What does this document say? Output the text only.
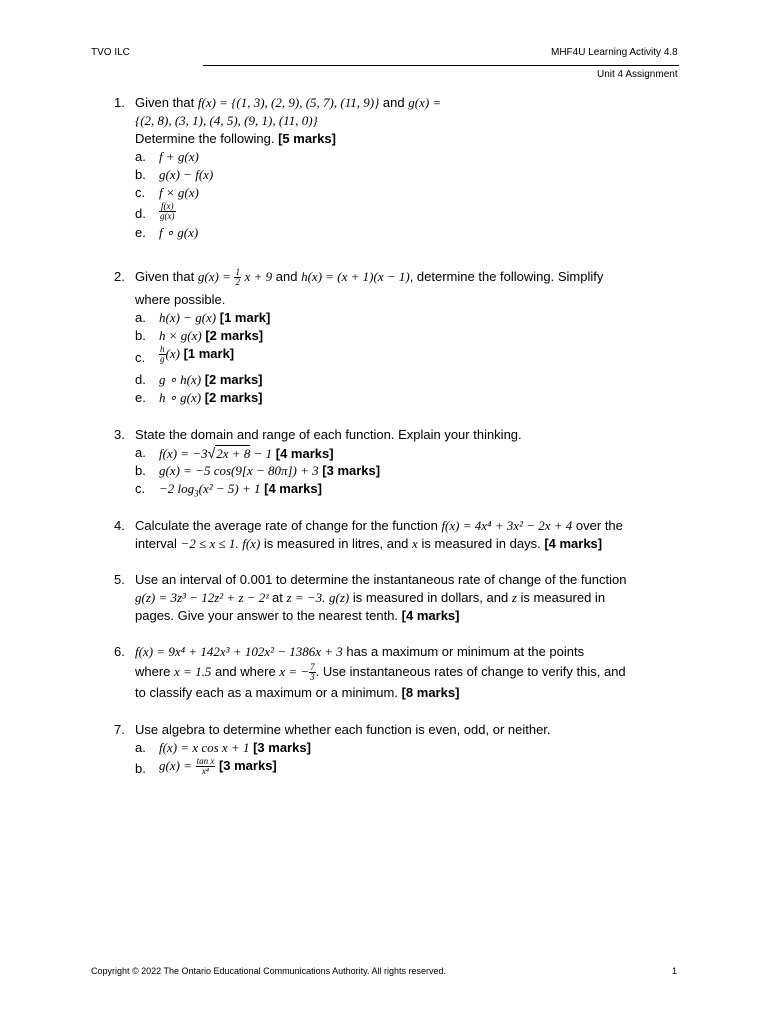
TVO ILC	MHF4U Learning Activity 4.8
Unit 4 Assignment
1. Given that f(x) = {(1, 3), (2, 9), (5, 7), (11, 9)} and g(x) =
{(2, 8), (3, 1), (4, 5), (9, 1), (11, 0)}
Determine the following. [5 marks]
a. f + g(x)
b. g(x) − f(x)
c. f × g(x)
d. $\frac{f(x)}{g(x)}$
e. f ∘ g(x)
2. Given that $g(x) = \frac{1}{2}$ x + 9 and h(x) = (x + 1)(x − 1), determine the following. Simplify
where possible.
a. h(x) − g(x) [1 mark]
b. h × g(x) [2 marks]
c. $\frac{h}{g} (x)$ [1 mark]
d. g ∘ h(x) [2 marks]
e. h ∘ g(x) [2 marks]
3. State the domain and range of each function. Explain your thinking.
a. f(x) = −3√2x + 8 − 1 [4 marks]
b. g(x) = −5 cos(9[x − 80π]) + 3 [3 marks]
c. −2 $\log_3(x^2 - 5) + 1$ [4 marks]
4. Calculate the average rate of change for the function f(x) = 4x⁴ + 3x² − 2x + 4 over the
interval −2 ≤ x ≤ 1. f(x) is measured in litres, and x is measured in days. [4 marks]
5. Use an interval of 0.001 to determine the instantaneous rate of change of the function
g(z) = 3z³ − 12z² + z − 2ᶻ at z = −3. g(z) is measured in dollars, and z is measured in
pages. Give your answer to the nearest tenth. [4 marks]
6. f(x) = 9x⁴ + 142x³ + 102x² − 1386x + 3 has a maximum or minimum at the points
where x = 1.5 and where x = − $\frac{7}{3}$ . Use instantaneous rates of change to verify this, and
to classify each as a maximum or a minimum. [8 marks]
7. Use algebra to determine whether each function is even, odd, or neither.
a. f(x) = x cos x + 1 [3 marks]
b. $g(x) = \frac{\text{tan x}}{\text{x⁴}} [3$ marks]
Copyright © 2022 The Ontario Educational Communications Authority. All rights reserved.	1
